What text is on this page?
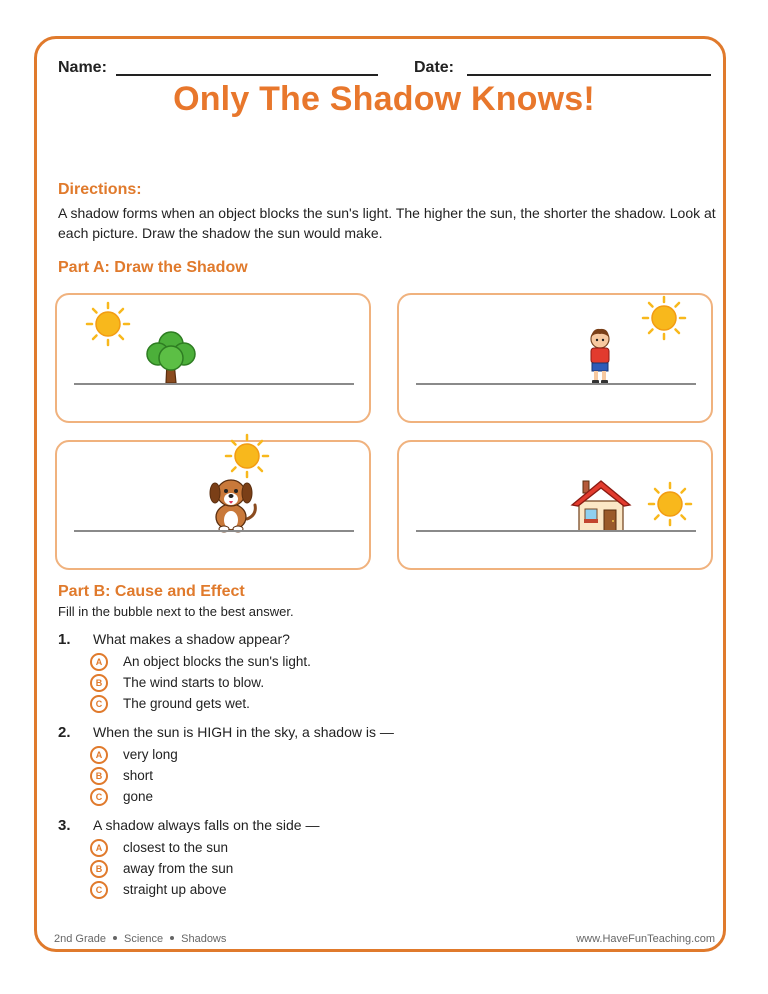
Name:	Date:
Only The Shadow Knows!
Directions:
A shadow forms when an object blocks the sun's light. The higher the sun, the shorter the shadow. Look at each picture. Draw the shadow the sun would make.
Part A: Draw the Shadow
Part B: Cause and Effect
Fill in the bubble next to the best answer.
1. What makes a shadow appear?
A	An object blocks the sun's light.
B	The wind starts to blow.
C	The ground gets wet.
2. When the sun is HIGH in the sky, a shadow is —
A	very long
B	short
C	gone
3. A shadow always falls on the side —
A	closest to the sun
B	away from the sun
C	straight up above
2nd Grade Science Shadows	www.HaveFunTeaching.com
